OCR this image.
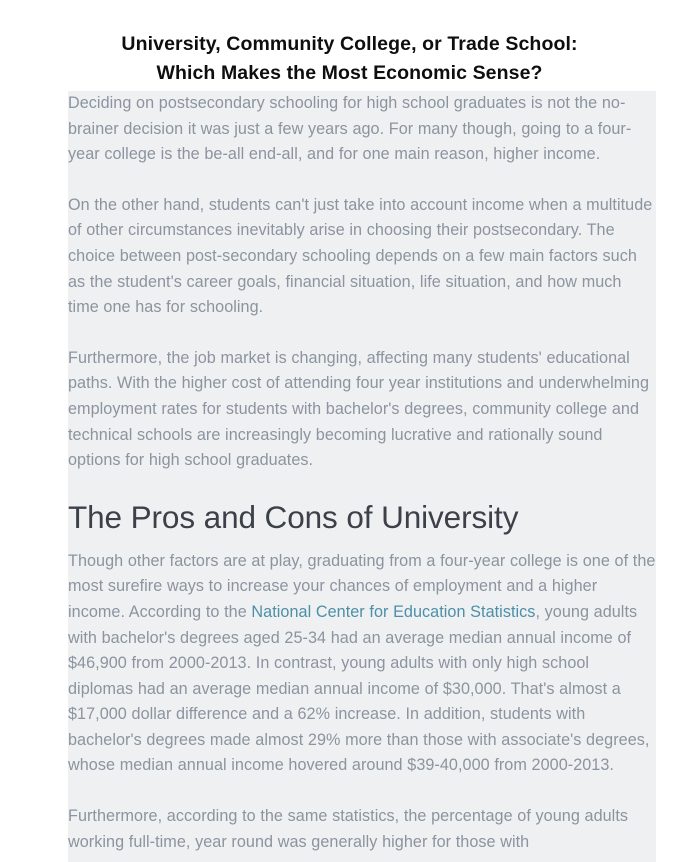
University, Community College, or Trade School:
Which Makes the Most Economic Sense?

Deciding on postsecondary schooling for high school graduates is not the no-brainer decision it was just a few years ago. For many though, going to a four-year college is the be-all end-all, and for one main reason, higher income.

On the other hand, students can't just take into account income when a multitude of other circumstances inevitably arise in choosing their postsecondary. The choice between post-secondary schooling depends on a few main factors such as the student's career goals, financial situation, life situation, and how much time one has for schooling.

Furthermore, the job market is changing, affecting many students' educational paths. With the higher cost of attending four year institutions and underwhelming employment rates for students with bachelor's degrees, community college and technical schools are increasingly becoming lucrative and rationally sound options for high school graduates.

The Pros and Cons of University

Though other factors are at play, graduating from a four-year college is one of the most surefire ways to increase your chances of employment and a higher income. According to the National Center for Education Statistics, young adults with bachelor's degrees aged 25-34 had an average median annual income of $46,900 from 2000-2013. In contrast, young adults with only high school diplomas had an average median annual income of $30,000. That's almost a $17,000 dollar difference and a 62% increase. In addition, students with bachelor's degrees made almost 29% more than those with associate's degrees, whose median annual income hovered around $39-40,000 from 2000-2013.

Furthermore, according to the same statistics, the percentage of young adults working full-time, year round was generally higher for those with
